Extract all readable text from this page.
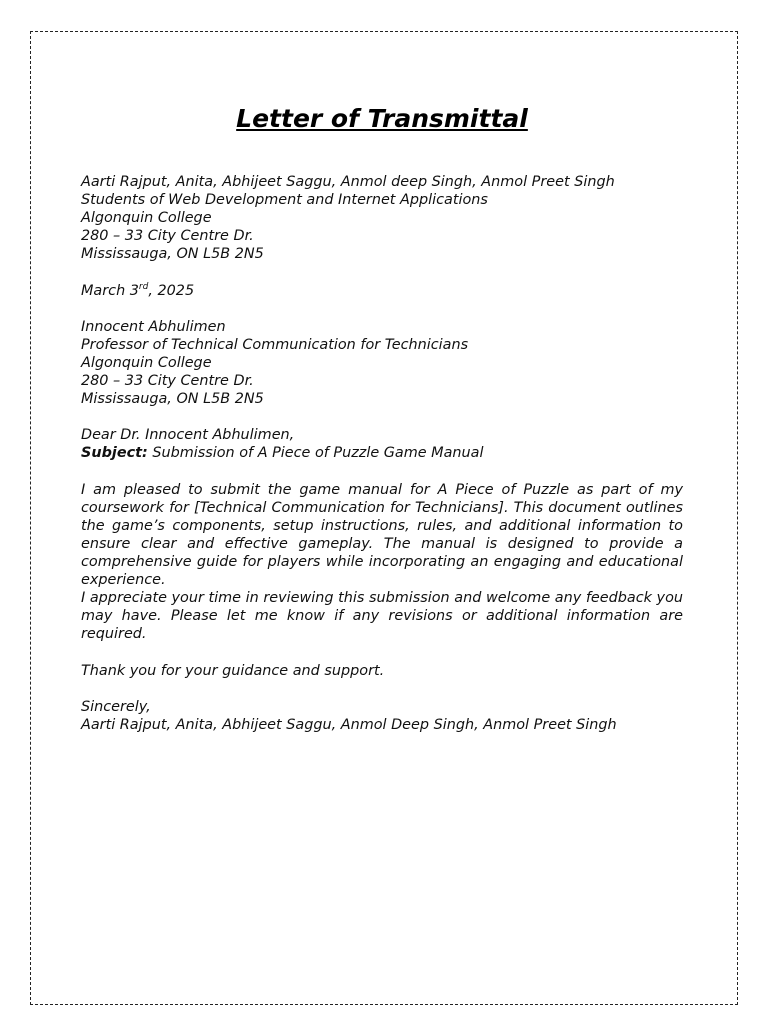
Letter of Transmittal
Aarti Rajput, Anita, Abhijeet Saggu, Anmol deep Singh, Anmol Preet Singh
Students of Web Development and Internet Applications
Algonquin College
280 – 33 City Centre Dr.
Mississauga, ON L5B 2N5
March 3rd, 2025
Innocent Abhulimen
Professor of Technical Communication for Technicians
Algonquin College
280 – 33 City Centre Dr.
Mississauga, ON L5B 2N5
Dear Dr. Innocent Abhulimen,
Subject: Submission of A Piece of Puzzle Game Manual
I am pleased to submit the game manual for A Piece of Puzzle as part of my coursework for [Technical Communication for Technicians]. This document outlines the game’s components, setup instructions, rules, and additional information to ensure clear and effective gameplay. The manual is designed to provide a comprehensive guide for players while incorporating an engaging and educational experience.
I appreciate your time in reviewing this submission and welcome any feedback you may have. Please let me know if any revisions or additional information are required.
Thank you for your guidance and support.
Sincerely,
Aarti Rajput, Anita, Abhijeet Saggu, Anmol Deep Singh, Anmol Preet Singh
